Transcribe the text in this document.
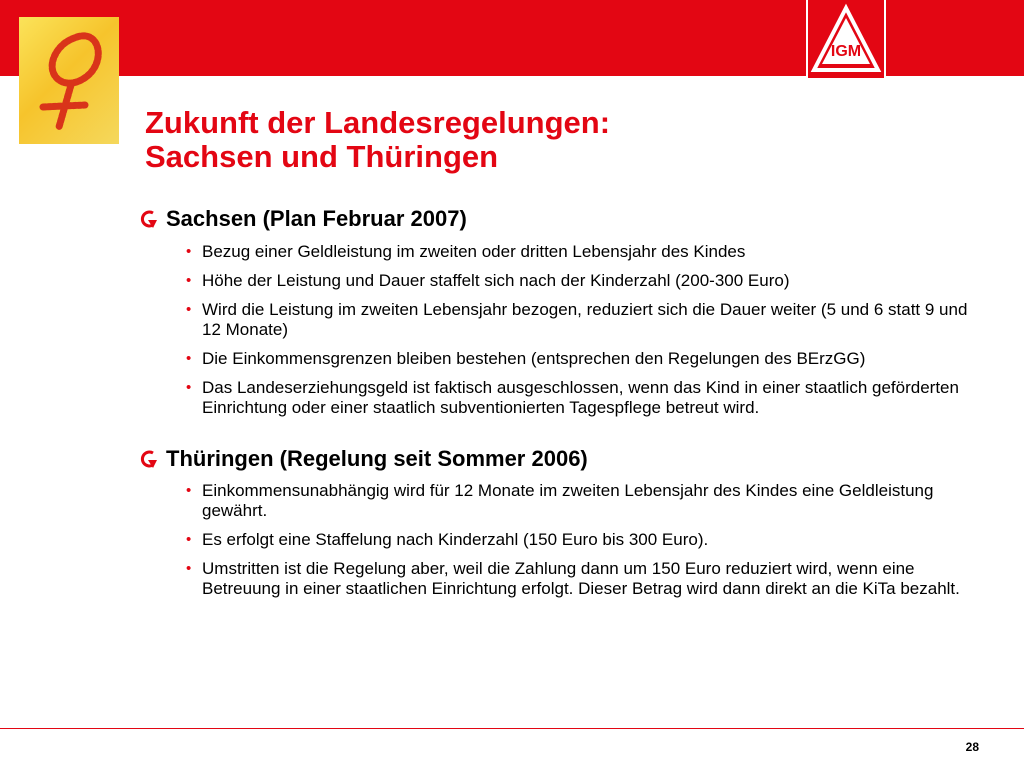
IGM
Zukunft der Landesregelungen:
Sachsen und Thüringen
Sachsen (Plan Februar 2007)
• Bezug einer Geldleistung im zweiten oder dritten Lebensjahr des Kindes
• Höhe der Leistung und Dauer staffelt sich nach der Kinderzahl (200-300 Euro)
• Wird die Leistung im zweiten Lebensjahr bezogen, reduziert sich die Dauer weiter (5 und 6 statt 9 und 12 Monate)
• Die Einkommensgrenzen bleiben bestehen (entsprechen den Regelungen des BErzGG)
• Das Landeserziehungsgeld ist faktisch ausgeschlossen, wenn das Kind in einer staatlich geförderten Einrichtung oder einer staatlich subventionierten Tagespflege betreut wird.
Thüringen (Regelung seit Sommer 2006)
• Einkommensunabhängig wird für 12 Monate im zweiten Lebensjahr des Kindes eine Geldleistung gewährt.
• Es erfolgt eine Staffelung nach Kinderzahl (150 Euro bis 300 Euro).
• Umstritten ist die Regelung aber, weil die Zahlung dann um 150 Euro reduziert wird, wenn eine Betreuung in einer staatlichen Einrichtung erfolgt. Dieser Betrag wird dann direkt an die KiTa bezahlt.
28
